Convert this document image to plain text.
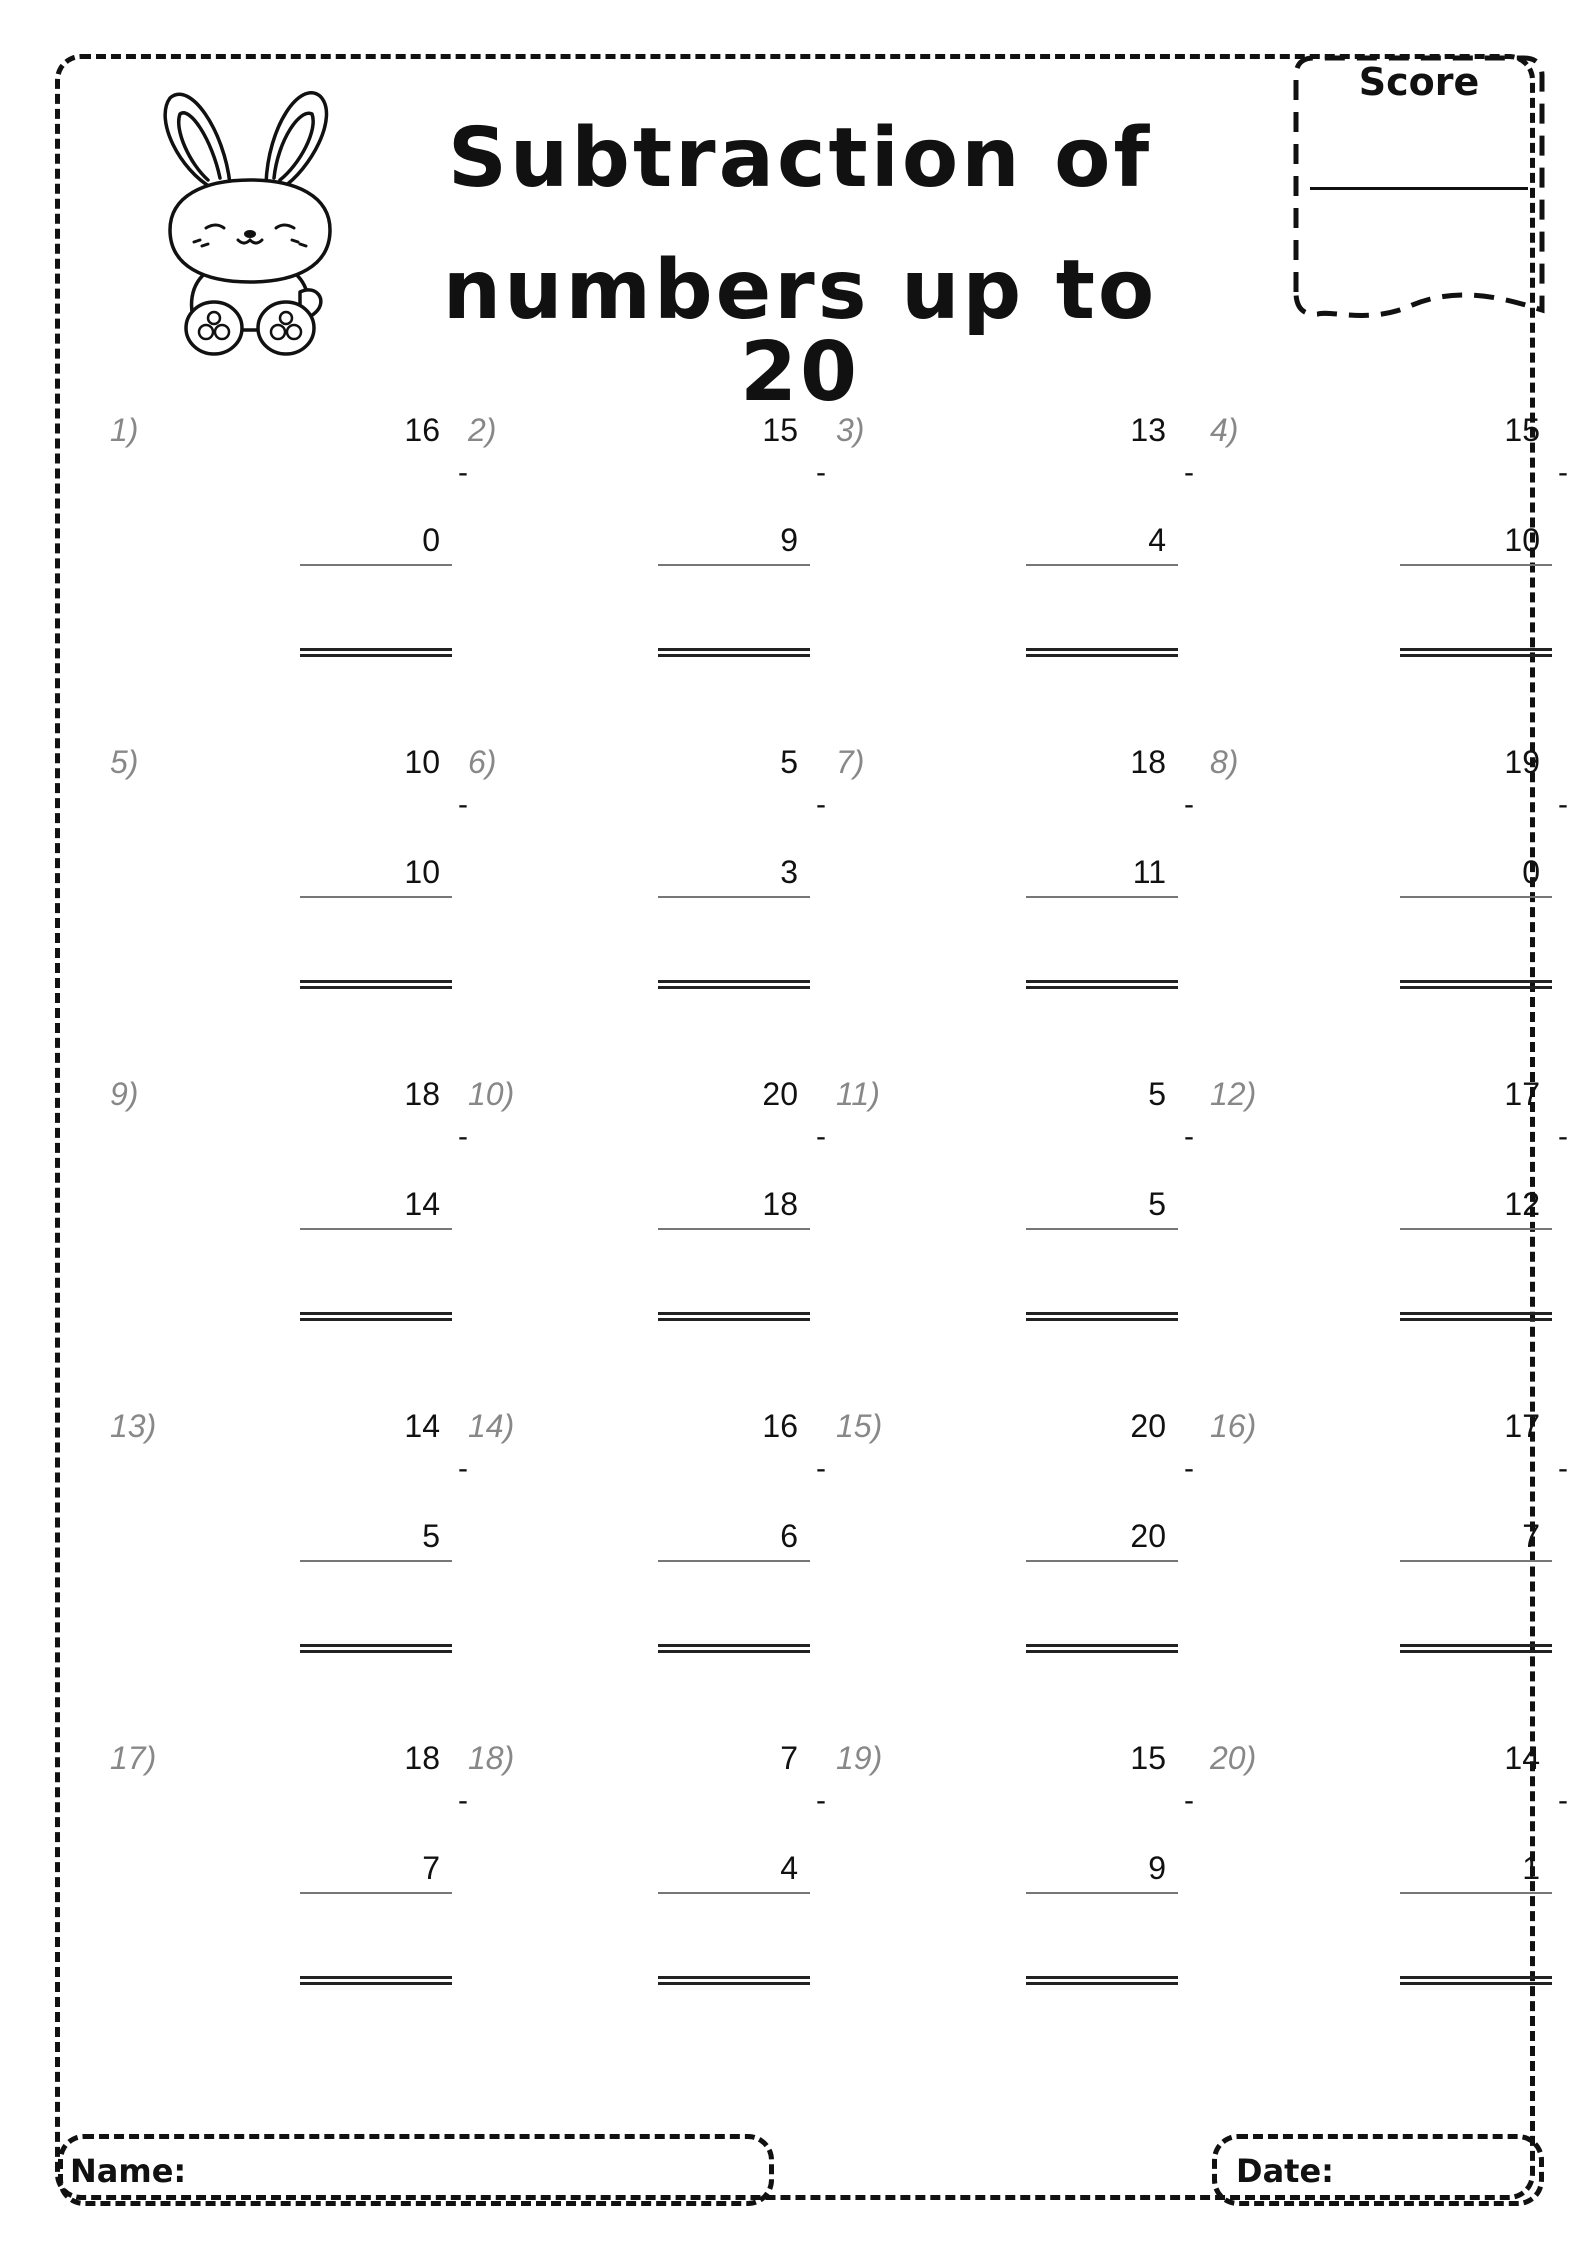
Subtraction of
numbers up to 20
Score
1)	16
-
0
2)	15
-
9
3)	13
-
4
4)	15
-
10
5)	10
-
10
6)	5
-
3
7)	18
-
11
8)	19
-
0
9)	18
-
14
10)	20
-
18
11)	5
-
5
12)	17
-
12
13)	14
-
5
14)	16
-
6
15)	20
-
20
16)	17
-
7
17)	18
-
7
18)	7
-
4
19)	15
-
9
20)	14
-
1
Name:	Date:
